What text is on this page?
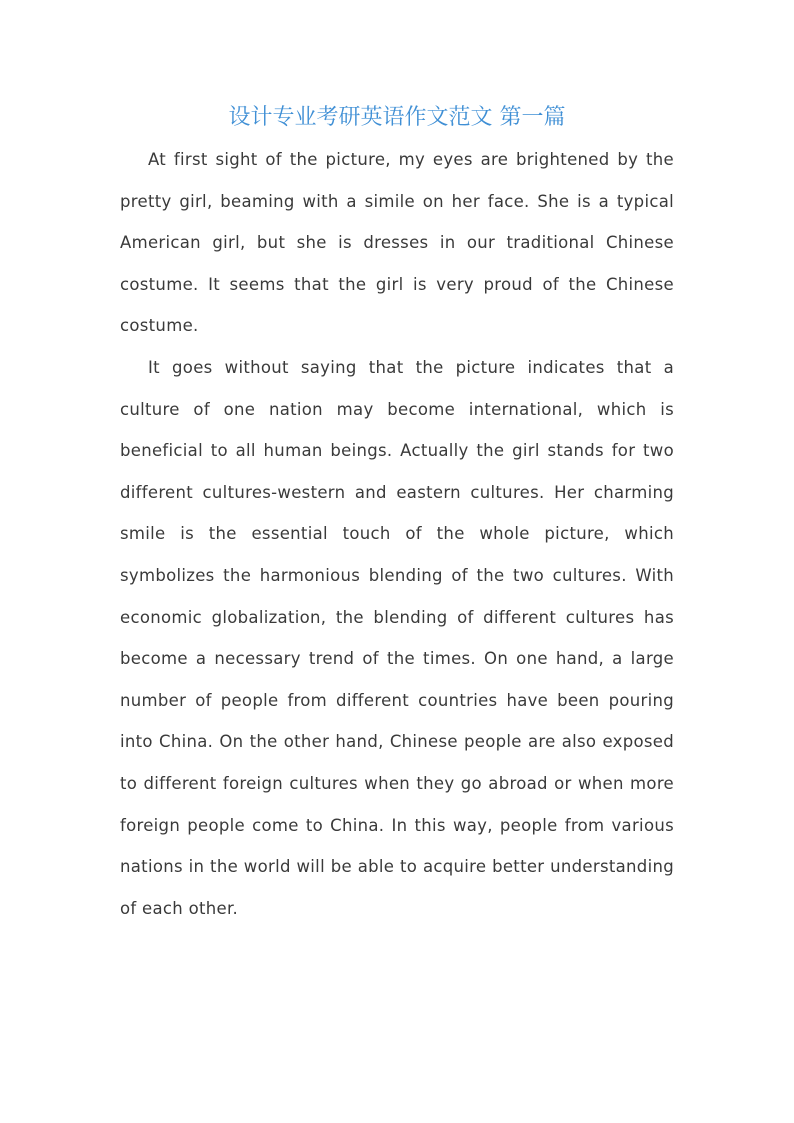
设计专业考研英语作文范文 第一篇

At first sight of the picture, my eyes are brightened by the pretty girl, beaming with a simile on her face. She is a typical American girl, but she is dresses in our traditional Chinese costume. It seems that the girl is very proud of the Chinese costume.

It goes without saying that the picture indicates that a culture of one nation may become international, which is beneficial to all human beings. Actually the girl stands for two different cultures-western and eastern cultures. Her charming smile is the essential touch of the whole picture, which symbolizes the harmonious blending of the two cultures. With economic globalization, the blending of different cultures has become a necessary trend of the times. On one hand, a large number of people from different countries have been pouring into China. On the other hand, Chinese people are also exposed to different foreign cultures when they go abroad or when more foreign people come to China. In this way, people from various nations in the world will be able to acquire better understanding of each other.
